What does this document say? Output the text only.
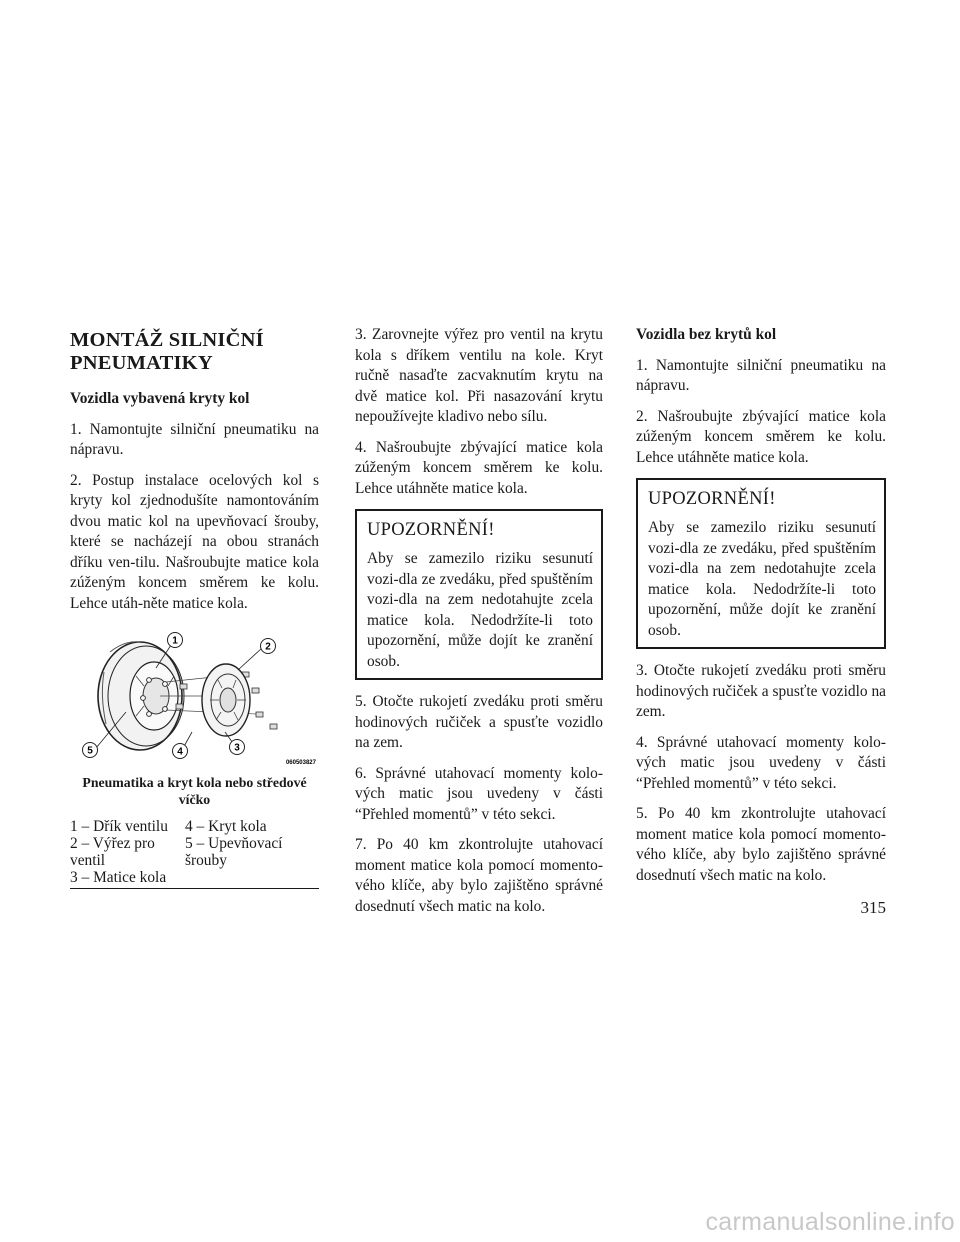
MONTÁŽ SILNIČNÍ PNEUMATIKY
Vozidla vybavená kryty kol

1. Namontujte silniční pneumatiku na nápravu.

2. Postup instalace ocelových kol s kryty kol zjednodušíte namontováním dvou matic kol na upevňovací šrouby, které se nacházejí na obou stranách dříku ven-tilu. Našroubujte matice kola zúženým koncem směrem ke kolu. Lehce utáh-něte matice kola.

1
2
3
4
5
060503827
Pneumatika a kryt kola nebo středové víčko
1 – Dřík ventilu	4 – Kryt kola
2 – Výřez pro ventil
5 – Upevňovací šrouby
3 – Matice kola

3. Zarovnejte výřez pro ventil na krytu kola s dříkem ventilu na kole. Kryt ručně nasaďte zacvaknutím krytu na dvě matice kol. Při nasazování krytu nepoužívejte kladivo nebo sílu.

4. Našroubujte zbývající matice kola zúženým koncem směrem ke kolu. Lehce utáhněte matice kola.

UPOZORNĚNÍ!

Aby se zamezilo riziku sesunutí vozi-dla ze zvedáku, před spuštěním vozi-dla na zem nedotahujte zcela matice kola. Nedodržíte-li toto upozornění, může dojít ke zranění osob.

5. Otočte rukojetí zvedáku proti směru hodinových ručiček a spusťte vozidlo na zem.

6. Správné utahovací momenty kolo-vých matic jsou uvedeny v části “Přehled momentů” v této sekci.

7. Po 40 km zkontrolujte utahovací moment matice kola pomocí momento-vého klíče, aby bylo zajištěno správné dosednutí všech matic na kolo.

Vozidla bez krytů kol

1. Namontujte silniční pneumatiku na nápravu.

2. Našroubujte zbývající matice kola zúženým koncem směrem ke kolu. Lehce utáhněte matice kola.

UPOZORNĚNÍ!

Aby se zamezilo riziku sesunutí vozi-dla ze zvedáku, před spuštěním vozi-dla na zem nedotahujte zcela matice kola. Nedodržíte-li toto upozornění, může dojít ke zranění osob.

3. Otočte rukojetí zvedáku proti směru hodinových ručiček a spusťte vozidlo na zem.

4. Správné utahovací momenty kolo-vých matic jsou uvedeny v části “Přehled momentů” v této sekci.

5. Po 40 km zkontrolujte utahovací moment matice kola pomocí momento-vého klíče, aby bylo zajištěno správné dosednutí všech matic na kolo.

315
carmanualsonline.info
